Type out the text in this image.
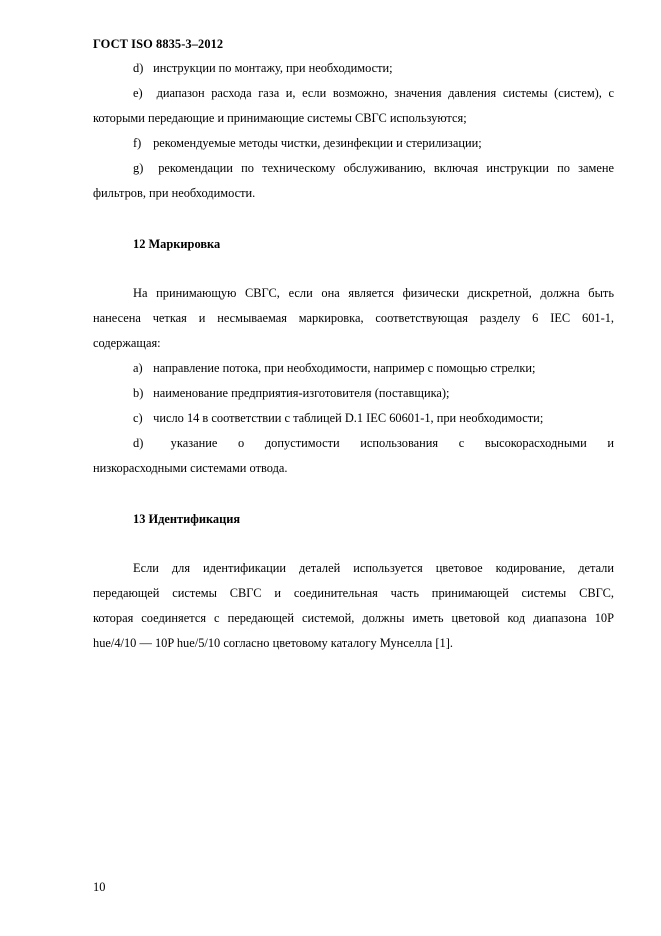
ГОСТ ISO 8835-3–2012
d) инструкции по монтажу, при необходимости;
e) диапазон расхода газа и, если возможно, значения давления системы (систем), с
которыми передающие и принимающие системы СВГС используются;
f) рекомендуемые методы чистки, дезинфекции и стерилизации;
g) рекомендации по техническому обслуживанию, включая инструкции по замене
фильтров, при необходимости.
12 Маркировка
На принимающую СВГС, если она является физически дискретной, должна быть
нанесена четкая и несмываемая маркировка, соответствующая разделу 6 IEC 601-1,
содержащая:
a) направление потока, при необходимости, например с помощью стрелки;
b) наименование предприятия-изготовителя (поставщика);
c) число 14 в соответствии с таблицей D.1 IEC 60601-1, при необходимости;
d) указание о допустимости использования с высокорасходными и
низкорасходными системами отвода.
13 Идентификация
Если для идентификации деталей используется цветовое кодирование, детали
передающей системы СВГС и соединительная часть принимающей системы СВГС,
которая соединяется с передающей системой, должны иметь цветовой код диапазона 10P
hue/4/10 — 10P hue/5/10 согласно цветовому каталогу Мунселла [1].
10
